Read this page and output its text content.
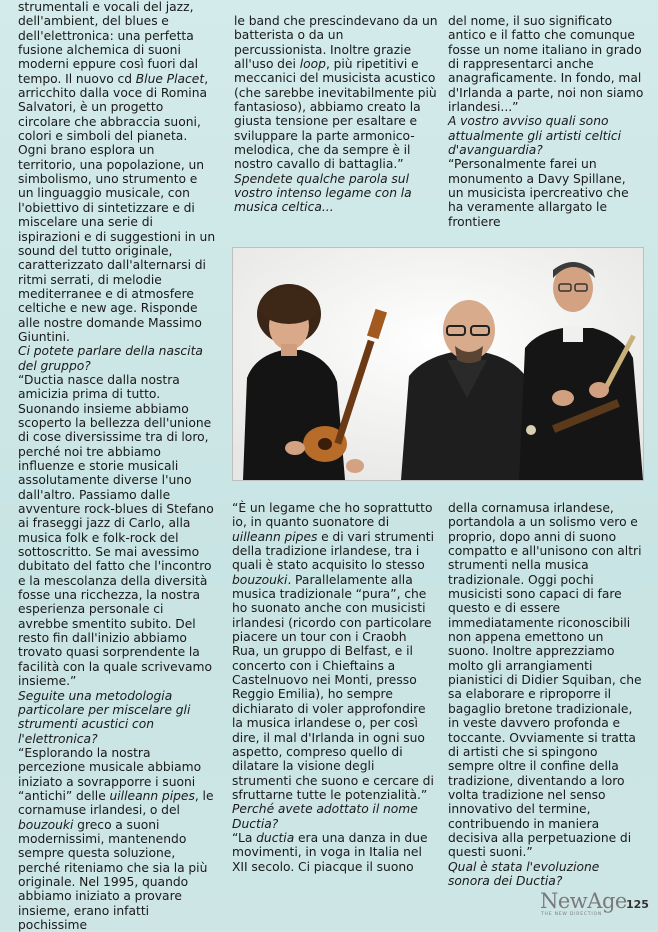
strumentali e vocali del jazz, dell'ambient, del blues e dell'elettronica: una perfetta fusione alchemica di suoni moderni eppure così fuori dal tempo. Il nuovo cd Blue Placet, arricchito dalla voce di Romina Salvatori, è un progetto circolare che abbraccia suoni, colori e simboli del pianeta. Ogni brano esplora un territorio, una popolazione, un simbolismo, uno strumento e un linguaggio musicale, con l'obiettivo di sintetizzare e di miscelare una serie di ispirazioni e di suggestioni in un sound del tutto originale, caratterizzato dall'alternarsi di ritmi serrati, di melodie mediterranee e di atmosfere celtiche e new age. Risponde alle nostre domande Massimo Giuntini.

Ci potete parlare della nascita del gruppo?

“Ductia nasce dalla nostra amicizia prima di tutto. Suonando insieme abbiamo scoperto la bellezza dell'unione di cose diversissime tra di loro, perché noi tre abbiamo influenze e storie musicali assolutamente diverse l'uno dall'altro. Passiamo dalle avventure rock-blues di Stefano ai fraseggi jazz di Carlo, alla musica folk e folk-rock del sottoscritto. Se mai avessimo dubitato del fatto che l'incontro e la mescolanza della diversità fosse una ricchezza, la nostra esperienza personale ci avrebbe smentito subito. Del resto fin dall'inizio abbiamo trovato quasi sorprendente la facilità con la quale scrivevamo insieme.”

Seguite una metodologia particolare per miscelare gli strumenti acustici con l'elettronica?

“Esplorando la nostra percezione musicale abbiamo iniziato a sovrapporre i suoni “antichi” delle uilleann pipes, le cornamuse irlandesi, o del bouzouki greco a suoni modernissimi, mantenendo sempre questa soluzione, perché riteniamo che sia la più originale. Nel 1995, quando abbiamo iniziato a provare insieme, erano infatti pochissime

le band che prescindevano da un batterista o da un percussionista. Inoltre grazie all'uso dei loop, più ripetitivi e meccanici del musicista acustico (che sarebbe inevitabilmente più fantasioso), abbiamo creato la giusta tensione per esaltare e sviluppare la parte armonico-melodica, che da sempre è il nostro cavallo di battaglia.”

Spendete qualche parola sul vostro intenso legame con la musica celtica...

del nome, il suo significato antico e il fatto che comunque fosse un nome italiano in grado di rappresentarci anche anagraficamente. In fondo, mal d'Irlanda a parte, noi non siamo irlandesi...”

A vostro avviso quali sono attualmente gli artisti celtici d'avanguardia?

“Personalmente farei un monumento a Davy Spillane, un musicista ipercreativo che ha veramente allargato le frontiere

“È un legame che ho soprattutto io, in quanto suonatore di uilleann pipes e di vari strumenti della tradizione irlandese, tra i quali è stato acquisito lo stesso bouzouki. Parallelamente alla musica tradizionale “pura”, che ho suonato anche con musicisti irlandesi (ricordo con particolare piacere un tour con i Craobh Rua, un gruppo di Belfast, e il concerto con i Chieftains a Castelnuovo nei Monti, presso Reggio Emilia), ho sempre dichiarato di voler approfondire la musica irlandese o, per così dire, il mal d'Irlanda in ogni suo aspetto, compreso quello di dilatare la visione degli strumenti che suono e cercare di sfruttarne tutte le potenzialità.”

Perché avete adottato il nome Ductia?

“La ductia era una danza in due movimenti, in voga in Italia nel XII secolo. Ci piacque il suono

della cornamusa irlandese, portandola a un solismo vero e proprio, dopo anni di suono compatto e all'unisono con altri strumenti nella musica tradizionale. Oggi pochi musicisti sono capaci di fare questo e di essere immediatamente riconoscibili non appena emettono un suono. Inoltre apprezziamo molto gli arrangiamenti pianistici di Didier Squiban, che sa elaborare e riproporre il bagaglio bretone tradizionale, in veste davvero profonda e toccante. Ovviamente si tratta di artisti che si spingono sempre oltre il confine della tradizione, diventando a loro volta tradizione nel senso innovativo del termine, contribuendo in maniera decisiva alla perpetuazione di questi suoni.”

Qual è stata l'evoluzione sonora dei Ductia?

NewAge
THE NEW DIRECTION
125
